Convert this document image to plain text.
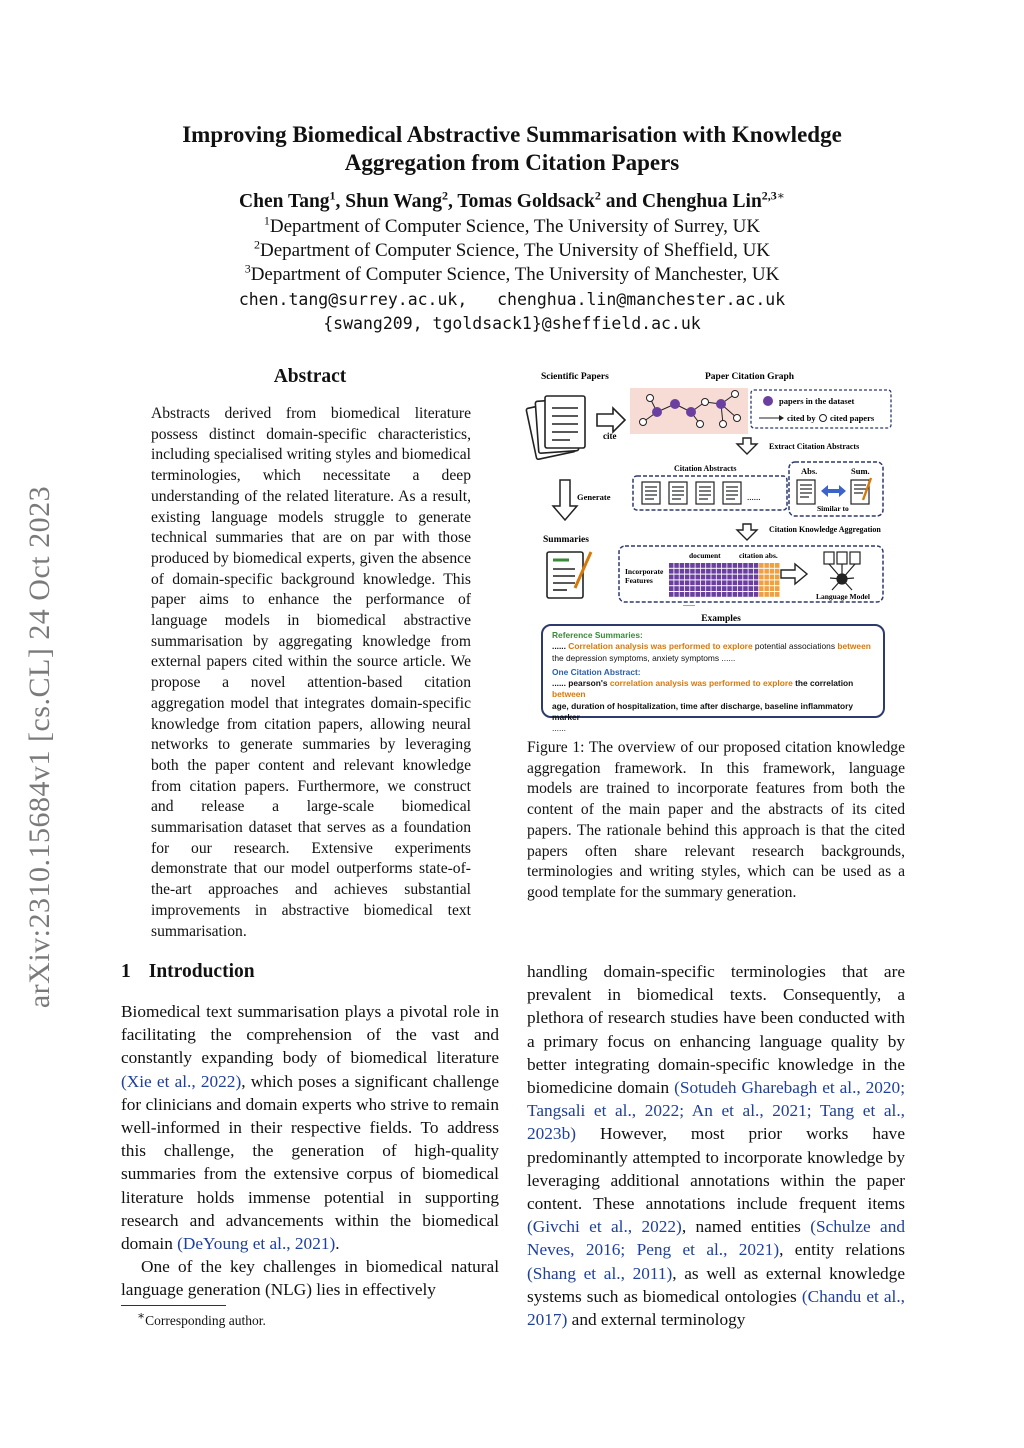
arXiv:2310.15684v1 [cs.CL] 24 Oct 2023
Improving Biomedical Abstractive Summarisation with Knowledge
Aggregation from Citation Papers
Chen Tang$^1$, Shun Wang$^2$, Tomas Goldsack$^2$ and Chenghua Lin$^{2,3∗}$
$^1$Department of Computer Science, The University of Surrey, UK
$^2$Department of Computer Science, The University of Sheffield, UK
$^3$Department of Computer Science, The University of Manchester, UK
chen.tang@surrey.ac.uk,   chenghua.lin@manchester.ac.uk
{swang209, tgoldsack1}@sheffield.ac.uk
Abstract
Abstracts derived from biomedical literature possess distinct domain-specific characteristics, including specialised writing styles and biomedical terminologies, which necessitate a deep understanding of the related literature. As a result, existing language models struggle to generate technical summaries that are on par with those produced by biomedical experts, given the absence of domain-specific background knowledge. This paper aims to enhance the performance of language models in biomedical abstractive summarisation by aggregating knowledge from external papers cited within the source article. We propose a novel attention-based citation aggregation model that integrates domain-specific knowledge from citation papers, allowing neural networks to generate summaries by leveraging both the paper content and relevant knowledge from citation papers. Furthermore, we construct and release a large-scale biomedical summarisation dataset that serves as a foundation for our research. Extensive experiments demonstrate that our model outperforms state-of-the-art approaches and achieves substantial improvements in abstractive biomedical text summarisation.
Scientific Papers	Paper Citation Graph
cite
papers in the dataset
cited by cited papers
Extract Citation Abstracts
Citation Abstracts
......
Abs.	Sum.
Similar to
Generate
Summaries
Citation Knowledge Aggregation
document citation abs.
Incorporate
Features
......
Language Model
Examples
Reference Summaries:
...... Correlation analysis was performed to explore potential associations between
the depression symptoms, anxiety symptoms ......
One Citation Abstract:
...... pearson's correlation analysis was performed to explore the correlation between
age, duration of hospitalization, time after discharge, baseline inflammatory marker
......
Figure 1: The overview of our proposed citation knowledge aggregation framework. In this framework, language models are trained to incorporate features from both the content of the main paper and the abstracts of its cited papers. The rationale behind this approach is that the cited papers often share relevant research backgrounds, terminologies and writing styles, which can be used as a good template for the summary generation.
1 Introduction

Biomedical text summarisation plays a pivotal role in facilitating the comprehension of the vast and constantly expanding body of biomedical literature (Xie et al., 2022), which poses a significant challenge for clinicians and domain experts who strive to remain well-informed in their respective fields. To address this challenge, the generation of high-quality summaries from the extensive corpus of biomedical literature holds immense potential in supporting research and advancements within the biomedical domain (DeYoung et al., 2021).

One of the key challenges in biomedical natural language generation (NLG) lies in effectively

handling domain-specific terminologies that are prevalent in biomedical texts. Consequently, a plethora of research studies have been conducted with a primary focus on enhancing language quality by better integrating domain-specific knowledge in the biomedicine domain (Sotudeh Gharebagh et al., 2020; Tangsali et al., 2022; An et al., 2021; Tang et al., 2023b) However, most prior works have predominantly attempted to incorporate knowledge by leveraging additional annotations within the paper content. These annotations include frequent items (Givchi et al., 2022), named entities (Schulze and Neves, 2016; Peng et al., 2021), entity relations (Shang et al., 2011), as well as external knowledge systems such as biomedical ontologies (Chandu et al., 2017) and external terminology
∗Corresponding author.
